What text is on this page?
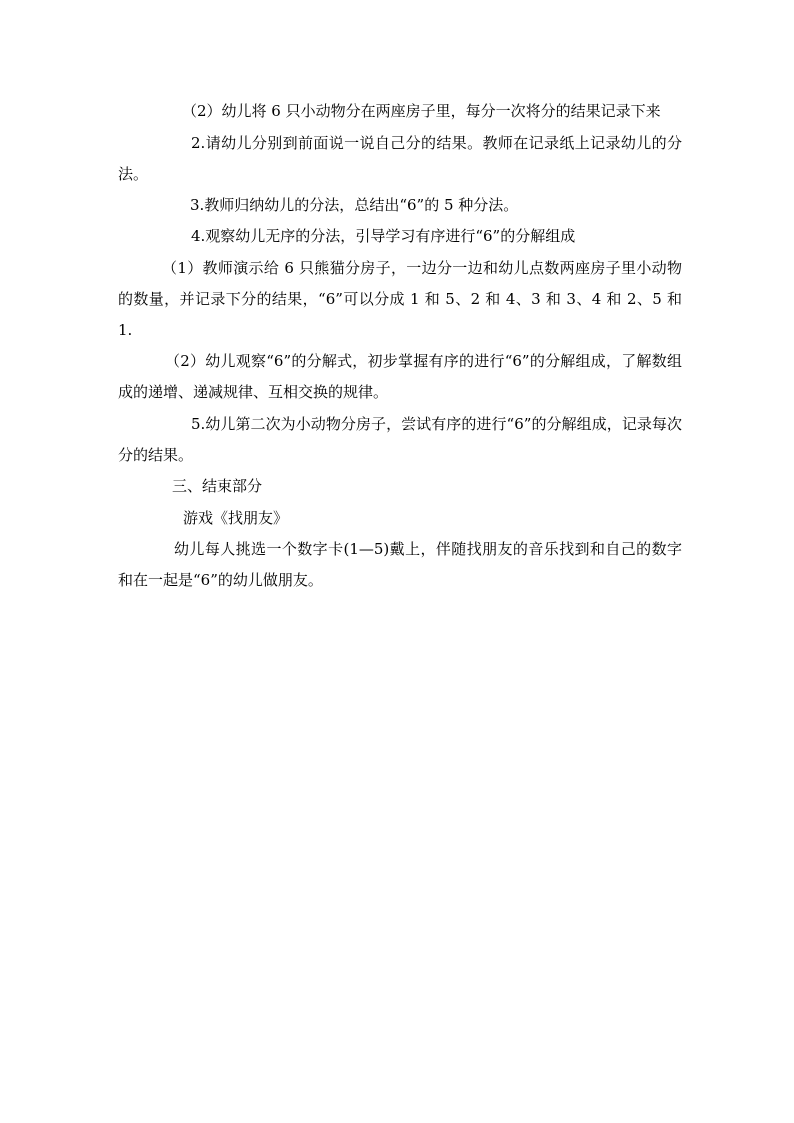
（2）幼儿将 6 只小动物分在两座房子里，每分一次将分的结果记录下来

2.请幼儿分别到前面说一说自己分的结果。教师在记录纸上记录幼儿的分法。

3.教师归纳幼儿的分法，总结出“6”的 5 种分法。

4.观察幼儿无序的分法，引导学习有序进行“6”的分解组成

（1）教师演示给 6 只熊猫分房子，一边分一边和幼儿点数两座房子里小动物的数量，并记录下分的结果，“6”可以分成 1 和 5、2 和 4、3 和 3、4 和 2、5 和 1.

（2）幼儿观察“6”的分解式，初步掌握有序的进行“6”的分解组成，了解数组成的递增、递减规律、互相交换的规律。

5.幼儿第二次为小动物分房子，尝试有序的进行“6”的分解组成，记录每次分的结果。

三、结束部分

游戏《找朋友》

幼儿每人挑选一个数字卡(1—5)戴上，伴随找朋友的音乐找到和自己的数字和在一起是“6”的幼儿做朋友。
